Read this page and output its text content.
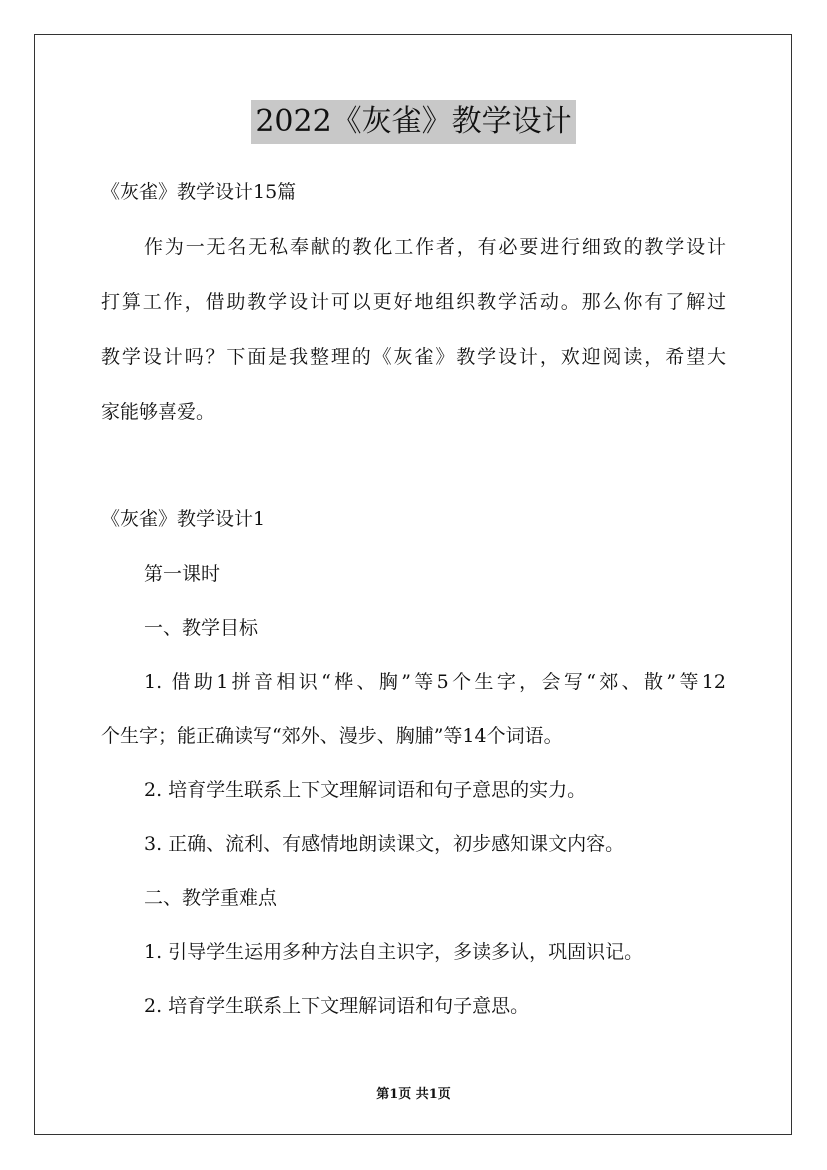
2022《灰雀》教学设计
《灰雀》教学设计15篇
作为一无名无私奉献的教化工作者，有必要进行细致的教学设计
打算工作，借助教学设计可以更好地组织教学活动。那么你有了解过
教学设计吗？下面是我整理的《灰雀》教学设计，欢迎阅读，希望大
家能够喜爱。
《灰雀》教学设计1
第一课时
一、教学目标
1. 借助1拼音相识“桦、胸”等5个生字，会写“郊、散”等12
个生字；能正确读写“郊外、漫步、胸脯”等14个词语。
2. 培育学生联系上下文理解词语和句子意思的实力。
3. 正确、流利、有感情地朗读课文，初步感知课文内容。
二、教学重难点
1. 引导学生运用多种方法自主识字，多读多认，巩固识记。
2. 培育学生联系上下文理解词语和句子意思。
第1页 共1页
